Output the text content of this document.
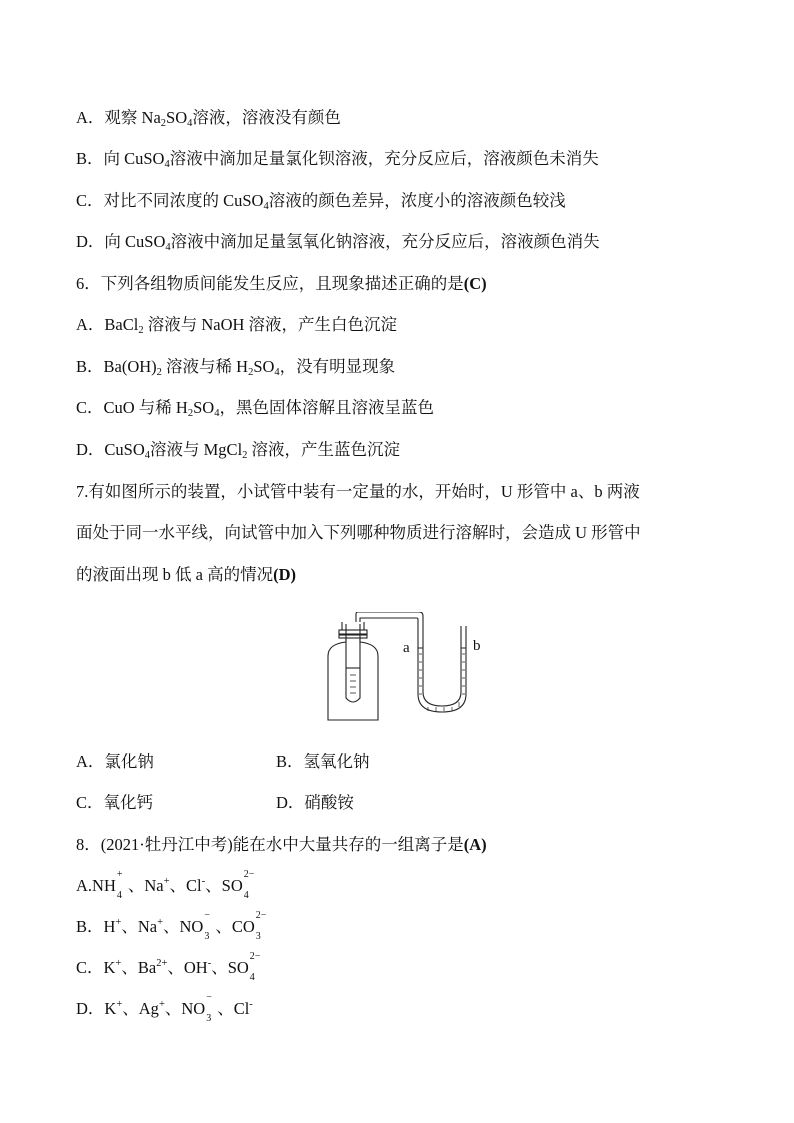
A．观察 $Na_2SO_4$溶液，溶液没有颜色
B．向 CuSO$_4$溶液中滴加足量氯化钡溶液，充分反应后，溶液颜色未消失
C．对比不同浓度的 CuSO$_4$溶液的颜色差异，浓度小的溶液颜色较浅
D．向 CuSO$_4$溶液中滴加足量氢氧化钠溶液，充分反应后，溶液颜色消失
6．下列各组物质间能发生反应，且现象描述正确的是(C)
A．BaCl$_2$ 溶液与 NaOH 溶液，产生白色沉淀
B．$Ba(OH)_2$ 溶液与稀 $H_2SO_4$，没有明显现象
C．CuO 与稀 $H_2SO_4$，黑色固体溶解且溶液呈蓝色
D．CuSO$_4$溶液与 MgCl$_2$ 溶液，产生蓝色沉淀
7.有如图所示的装置，小试管中装有一定量的水，开始时，U 形管中 a、b 两液
面处于同一水平线，向试管中加入下列哪种物质进行溶解时，会造成 U 形管中
的液面出现 b 低 a 高的情况(D)
a	b
A．氯化钠	B．氢氧化钠
C．氧化钙	D．硝酸铵
8．(2021·牡丹江中考)能在水中大量共存的一组离子是(A)
A.NH
+
4
、Na+、Cl-、SO
2−
4
B．H+、Na+、NO
−
3
、CO
2−
3
C．K+、$Ba^{2+}$、OH-、SO
2−
4
D．K+、Ag+、NO
−
3
、Cl-
